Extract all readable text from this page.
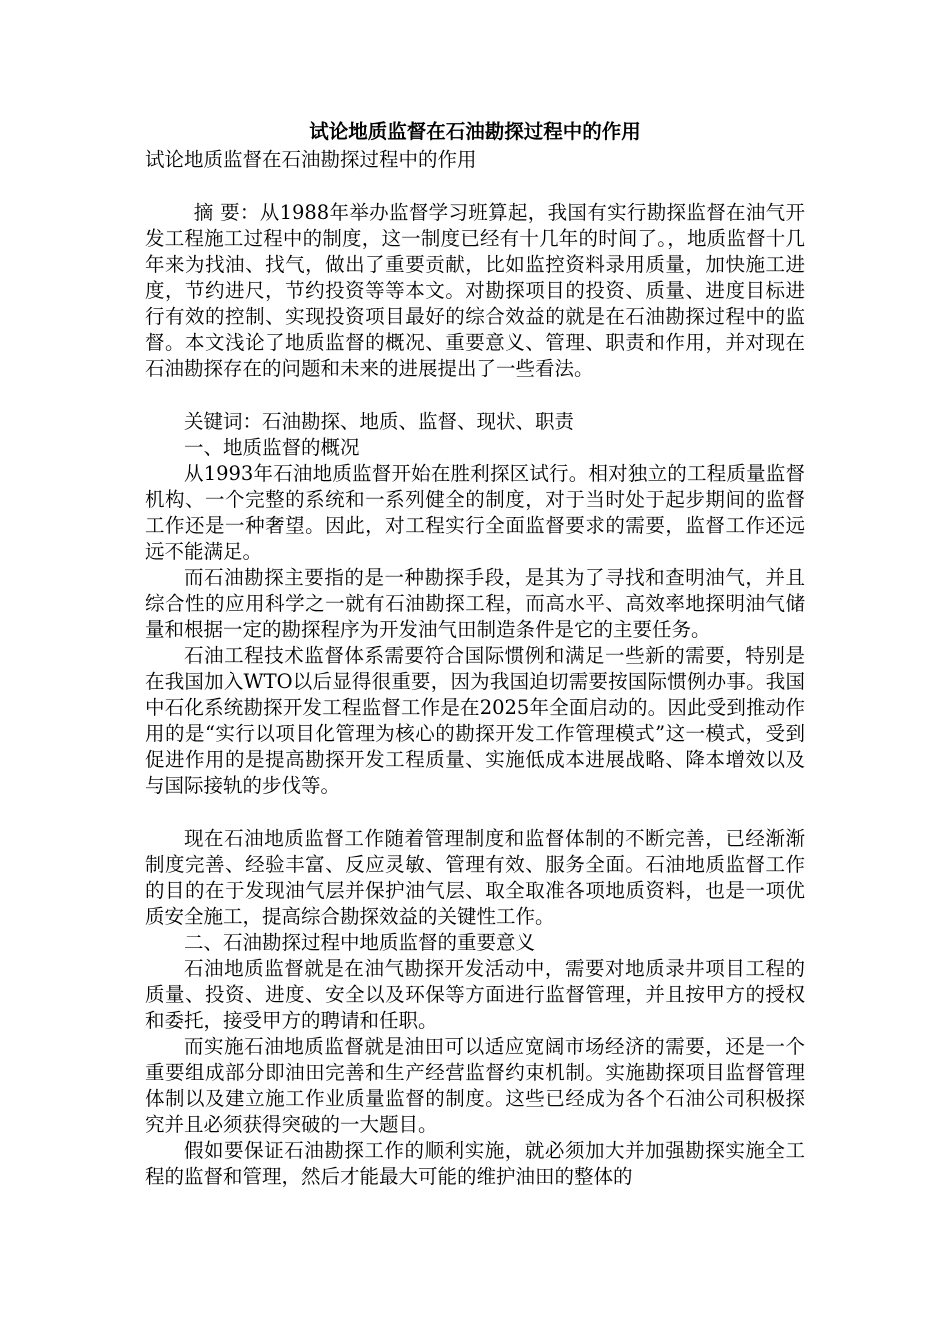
试论地质监督在石油勘探过程中的作用

试论地质监督在石油勘探过程中的作用

摘 要：从1988年举办监督学习班算起，我国有实行勘探监督在油气开发工程施工过程中的制度，这一制度已经有十几年的时间了。，地质监督十几年来为找油、找气，做出了重要贡献，比如监控资料录用质量，加快施工进度，节约进尺，节约投资等等本文。对勘探项目的投资、质量、进度目标进行有效的控制、实现投资项目最好的综合效益的就是在石油勘探过程中的监督。本文浅论了地质监督的概况、重要意义、管理、职责和作用，并对现在石油勘探存在的问题和未来的进展提出了一些看法。

关键词：石油勘探、地质、监督、现状、职责

一、地质监督的概况

从1993年石油地质监督开始在胜利探区试行。相对独立的工程质量监督机构、一个完整的系统和一系列健全的制度，对于当时处于起步期间的监督工作还是一种奢望。因此，对工程实行全面监督要求的需要，监督工作还远远不能满足。

而石油勘探主要指的是一种勘探手段，是其为了寻找和查明油气，并且综合性的应用科学之一就有石油勘探工程，而高水平、高效率地探明油气储量和根据一定的勘探程序为开发油气田制造条件是它的主要任务。

石油工程技术监督体系需要符合国际惯例和满足一些新的需要，特别是在我国加入WTO以后显得很重要，因为我国迫切需要按国际惯例办事。我国中石化系统勘探开发工程监督工作是在2025年全面启动的。因此受到推动作用的是“实行以项目化管理为核心的勘探开发工作管理模式”这一模式，受到促进作用的是提高勘探开发工程质量、实施低成本进展战略、降本增效以及与国际接轨的步伐等。

现在石油地质监督工作随着管理制度和监督体制的不断完善，已经渐渐制度完善、经验丰富、反应灵敏、管理有效、服务全面。石油地质监督工作的目的在于发现油气层并保护油气层、取全取准各项地质资料，也是一项优质安全施工，提高综合勘探效益的关键性工作。

二、石油勘探过程中地质监督的重要意义

石油地质监督就是在油气勘探开发活动中，需要对地质录井项目工程的质量、投资、进度、安全以及环保等方面进行监督管理，并且按甲方的授权和委托，接受甲方的聘请和任职。

而实施石油地质监督就是油田可以适应宽阔市场经济的需要，还是一个重要组成部分即油田完善和生产经营监督约束机制。实施勘探项目监督管理体制以及建立施工作业质量监督的制度。这些已经成为各个石油公司积极探究并且必须获得突破的一大题目。

假如要保证石油勘探工作的顺利实施，就必须加大并加强勘探实施全工程的监督和管理，然后才能最大可能的维护油田的整体的
